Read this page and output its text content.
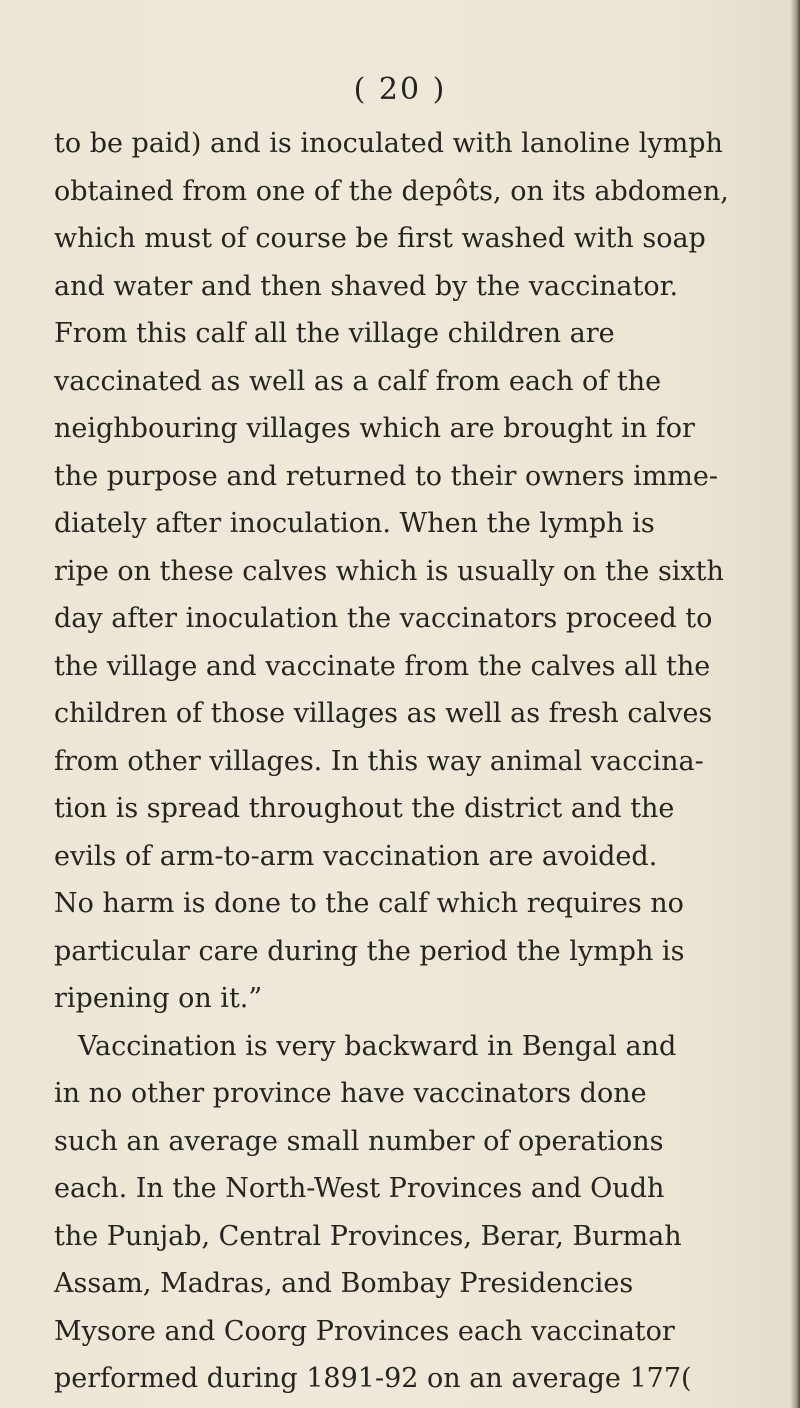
( 20 )
to be paid) and is inoculated with lanoline lymph
obtained from one of the depôts, on its abdomen,
which must of course be first washed with soap
and water and then shaved by the vaccinator.
From this calf all the village children are
vaccinated as well as a calf from each of the
neighbouring villages which are brought in for
the purpose and returned to their owners imme-
diately after inoculation. When the lymph is
ripe on these calves which is usually on the sixth
day after inoculation the vaccinators proceed to
the village and vaccinate from the calves all the
children of those villages as well as fresh calves
from other villages. In this way animal vaccina-
tion is spread throughout the district and the
evils of arm-to-arm vaccination are avoided.
No harm is done to the calf which requires no
particular care during the period the lymph is
ripening on it.”
Vaccination is very backward in Bengal and
in no other province have vaccinators done
such an average small number of operations
each. In the North-West Provinces and Oudh
the Punjab, Central Provinces, Berar, Burmah
Assam, Madras, and Bombay Presidencies
Mysore and Coorg Provinces each vaccinator
performed during 1891-92 on an average 177(
